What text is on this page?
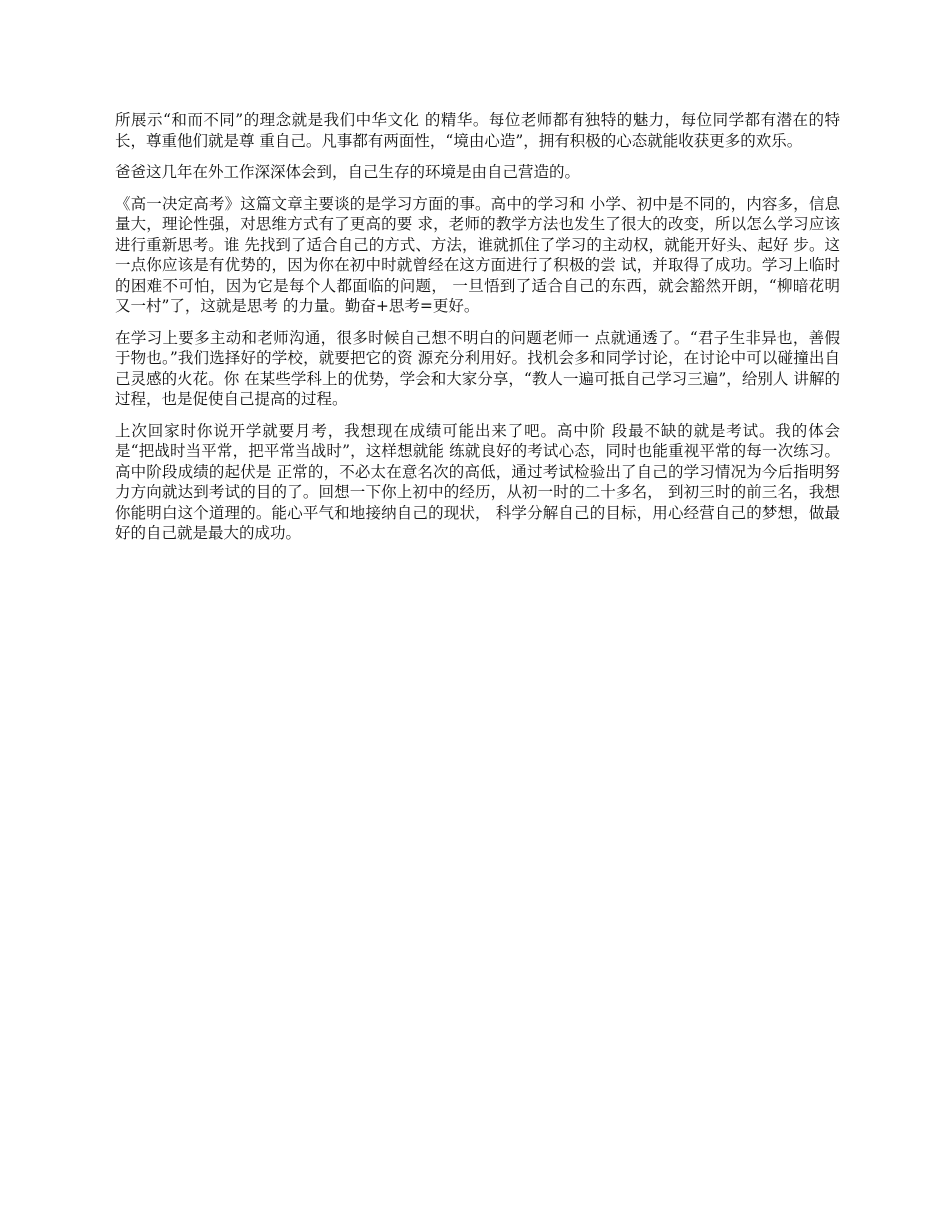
所展示“和而不同”的理念就是我们中华文化 的精华。每位老师都有独特的魅力，每位同学都有潜在的特长，尊重他们就是尊 重自己。凡事都有两面性，“境由心造”，拥有积极的心态就能收获更多的欢乐。

爸爸这几年在外工作深深体会到，自己生存的环境是由自己营造的。

《高一决定高考》这篇文章主要谈的是学习方面的事。高中的学习和 小学、初中是不同的，内容多，信息量大，理论性强，对思维方式有了更高的要 求，老师的教学方法也发生了很大的改变，所以怎么学习应该进行重新思考。谁 先找到了适合自己的方式、方法，谁就抓住了学习的主动权，就能开好头、起好 步。这一点你应该是有优势的，因为你在初中时就曾经在这方面进行了积极的尝 试，并取得了成功。学习上临时的困难不可怕，因为它是每个人都面临的问题， 一旦悟到了适合自己的东西，就会豁然开朗，“柳暗花明又一村”了，这就是思考 的力量。勤奋+思考=更好。

在学习上要多主动和老师沟通，很多时候自己想不明白的问题老师一 点就通透了。“君子生非异也，善假于物也。”我们选择好的学校，就要把它的资 源充分利用好。找机会多和同学讨论，在讨论中可以碰撞出自己灵感的火花。你 在某些学科上的优势，学会和大家分享，“教人一遍可抵自己学习三遍”，给别人 讲解的过程，也是促使自己提高的过程。

上次回家时你说开学就要月考，我想现在成绩可能出来了吧。高中阶 段最不缺的就是考试。我的体会是“把战时当平常，把平常当战时”，这样想就能 练就良好的考试心态，同时也能重视平常的每一次练习。高中阶段成绩的起伏是 正常的，不必太在意名次的高低，通过考试检验出了自己的学习情况为今后指明努力方向就达到考试的目的了。回想一下你上初中的经历，从初一时的二十多名， 到初三时的前三名，我想你能明白这个道理的。能心平气和地接纳自己的现状， 科学分解自己的目标，用心经营自己的梦想，做最好的自己就是最大的成功。
